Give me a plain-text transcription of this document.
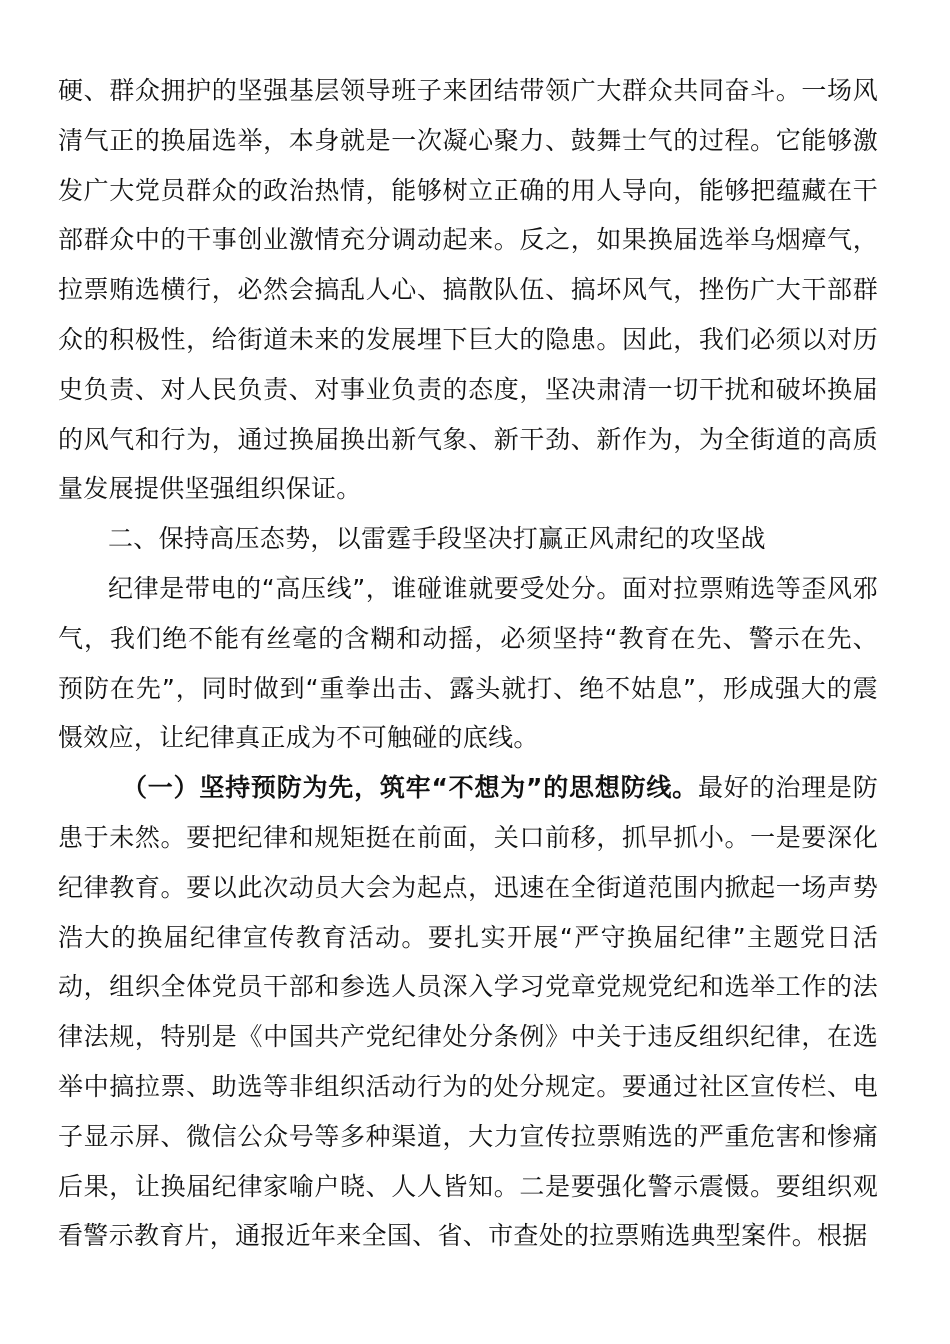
硬、群众拥护的坚强基层领导班子来团结带领广大群众共同奋斗。一场风清气正的换届选举，本身就是一次凝心聚力、鼓舞士气的过程。它能够激发广大党员群众的政治热情，能够树立正确的用人导向，能够把蕴藏在干部群众中的干事创业激情充分调动起来。反之，如果换届选举乌烟瘴气，拉票贿选横行，必然会搞乱人心、搞散队伍、搞坏风气，挫伤广大干部群众的积极性，给街道未来的发展埋下巨大的隐患。因此，我们必须以对历史负责、对人民负责、对事业负责的态度，坚决肃清一切干扰和破坏换届的风气和行为，通过换届换出新气象、新干劲、新作为，为全街道的高质量发展提供坚强组织保证。

二、保持高压态势，以雷霆手段坚决打赢正风肃纪的攻坚战

纪律是带电的“高压线”，谁碰谁就要受处分。面对拉票贿选等歪风邪气，我们绝不能有丝毫的含糊和动摇，必须坚持“教育在先、警示在先、预防在先”，同时做到“重拳出击、露头就打、绝不姑息”，形成强大的震慑效应，让纪律真正成为不可触碰的底线。

（一）坚持预防为先，筑牢“不想为”的思想防线。最好的治理是防患于未然。要把纪律和规矩挺在前面，关口前移，抓早抓小。一是要深化纪律教育。要以此次动员大会为起点，迅速在全街道范围内掀起一场声势浩大的换届纪律宣传教育活动。要扎实开展“严守换届纪律”主题党日活动，组织全体党员干部和参选人员深入学习党章党规党纪和选举工作的法律法规，特别是《中国共产党纪律处分条例》中关于违反组织纪律，在选举中搞拉票、助选等非组织活动行为的处分规定。要通过社区宣传栏、电子显示屏、微信公众号等多种渠道，大力宣传拉票贿选的严重危害和惨痛后果，让换届纪律家喻户晓、人人皆知。二是要强化警示震慑。要组织观看警示教育片，通报近年来全国、省、市查处的拉票贿选典型案件。根据
